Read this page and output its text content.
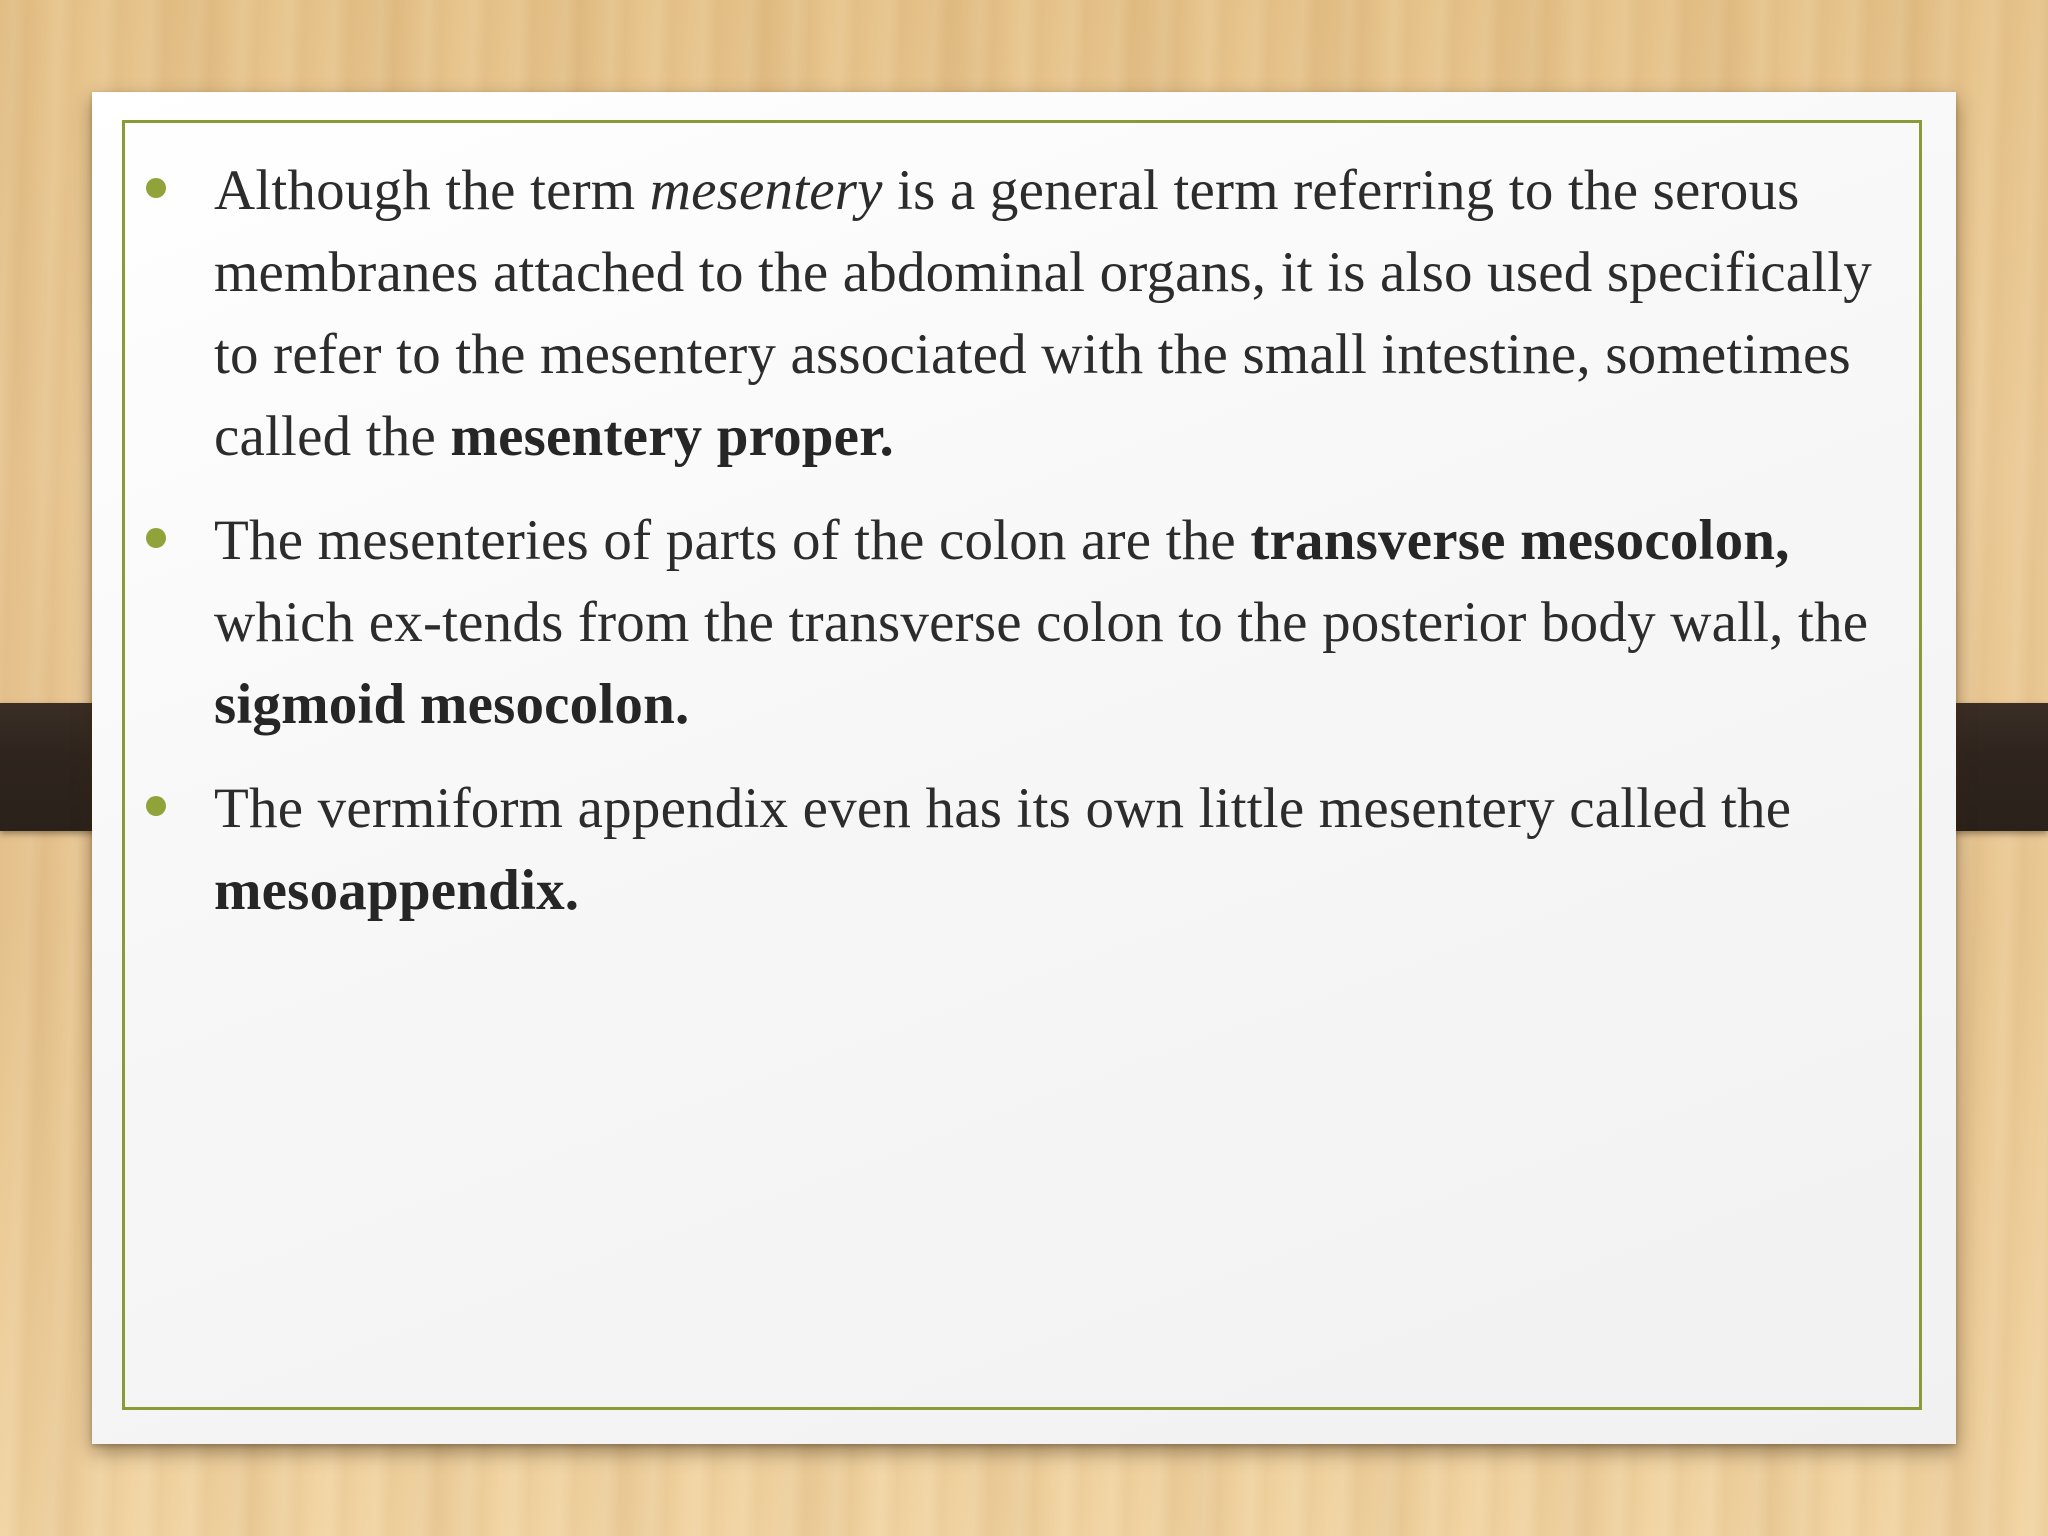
Although the term mesentery is a general term referring to the serous membranes attached to the abdominal organs, it is also used specifically to refer to the mesentery associated with the small intestine, sometimes called the mesentery proper.
The mesenteries of parts of the colon are the transverse mesocolon, which ex-tends from the transverse colon to the posterior body wall, the sigmoid mesocolon.
The vermiform appendix even has its own little mesentery called the mesoappendix.
